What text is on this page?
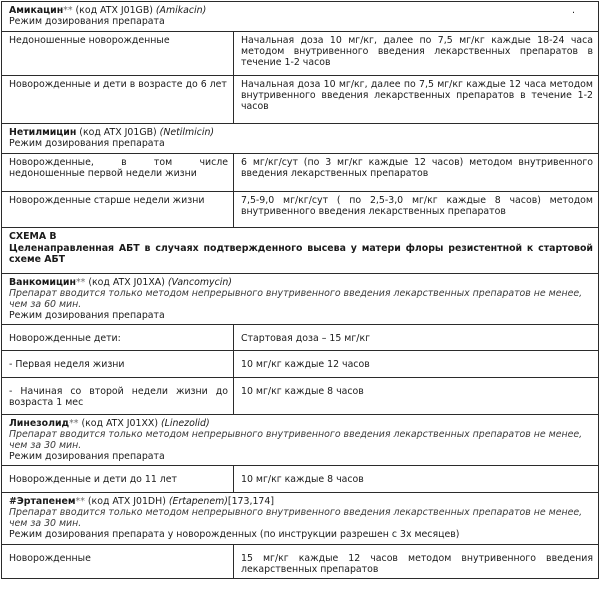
.
Амикацин** (код ATX J01GB) (Amikacin)
Режим дозирования препарата	
Недоношенные новорожденные	Начальная доза 10 мг/кг, далее по 7,5 мг/кг каждые 18-24 часа методом внутривенного введения лекарственных препаратов в течение 1-2 часов
Новорожденные и дети в возрасте до 6 лет	Начальная доза 10 мг/кг, далее по 7,5 мг/кг каждые 12 часа методом внутривенного введения лекарственных препаратов в течение 1-2 часов
Нетилмицин (код ATX J01GB) (Netilmicin)
Режим дозирования препарата	
Новорожденные, в том числе недоношенные первой недели жизни	6 мг/кг/сут (по 3 мг/кг каждые 12 часов) методом внутривенного введения лекарственных препаратов
Новорожденные старше недели жизни	7,5-9,0 мг/кг/сут ( по 2,5-3,0 мг/кг каждые 8 часов) методом внутривенного введения лекарственных препаратов
СХЕМА В
Целенаправленная АБТ в случаях подтвержденного высева у матери флоры резистентной к стартовой схеме АБТ	
Ванкомицин** (код ATX J01XA) (Vancomycin)

Препарат вводится только методом непрерывного внутривенного введения лекарственных препаратов не менее, чем за 60 мин.
Режим дозирования препарата	
Новорожденные дети:	Стартовая доза – 15 мг/кг
- Первая неделя жизни	10 мг/кг каждые 12 часов
- Начиная со второй недели жизни до возраста 1 мес	10 мг/кг каждые 8 часов
Линезолид** (код ATX J01XX) (Linezolid)

Препарат вводится только методом непрерывного внутривенного введения лекарственных препаратов не менее, чем за 30 мин.
Режим дозирования препарата	
Новорожденные и дети до 11 лет	10 мг/кг каждые 8 часов
#Эртапенем** (код ATX J01DH) (Ertapenem)[173,174]

Препарат вводится только методом непрерывного внутривенного введения лекарственных препаратов не менее, чем за 30 мин.
Режим дозирования препарата у новорожденных (по инструкции разрешен с 3х месяцев)	
Новорожденные	15 мг/кг каждые 12 часов методом внутривенного введения лекарственных препаратов
